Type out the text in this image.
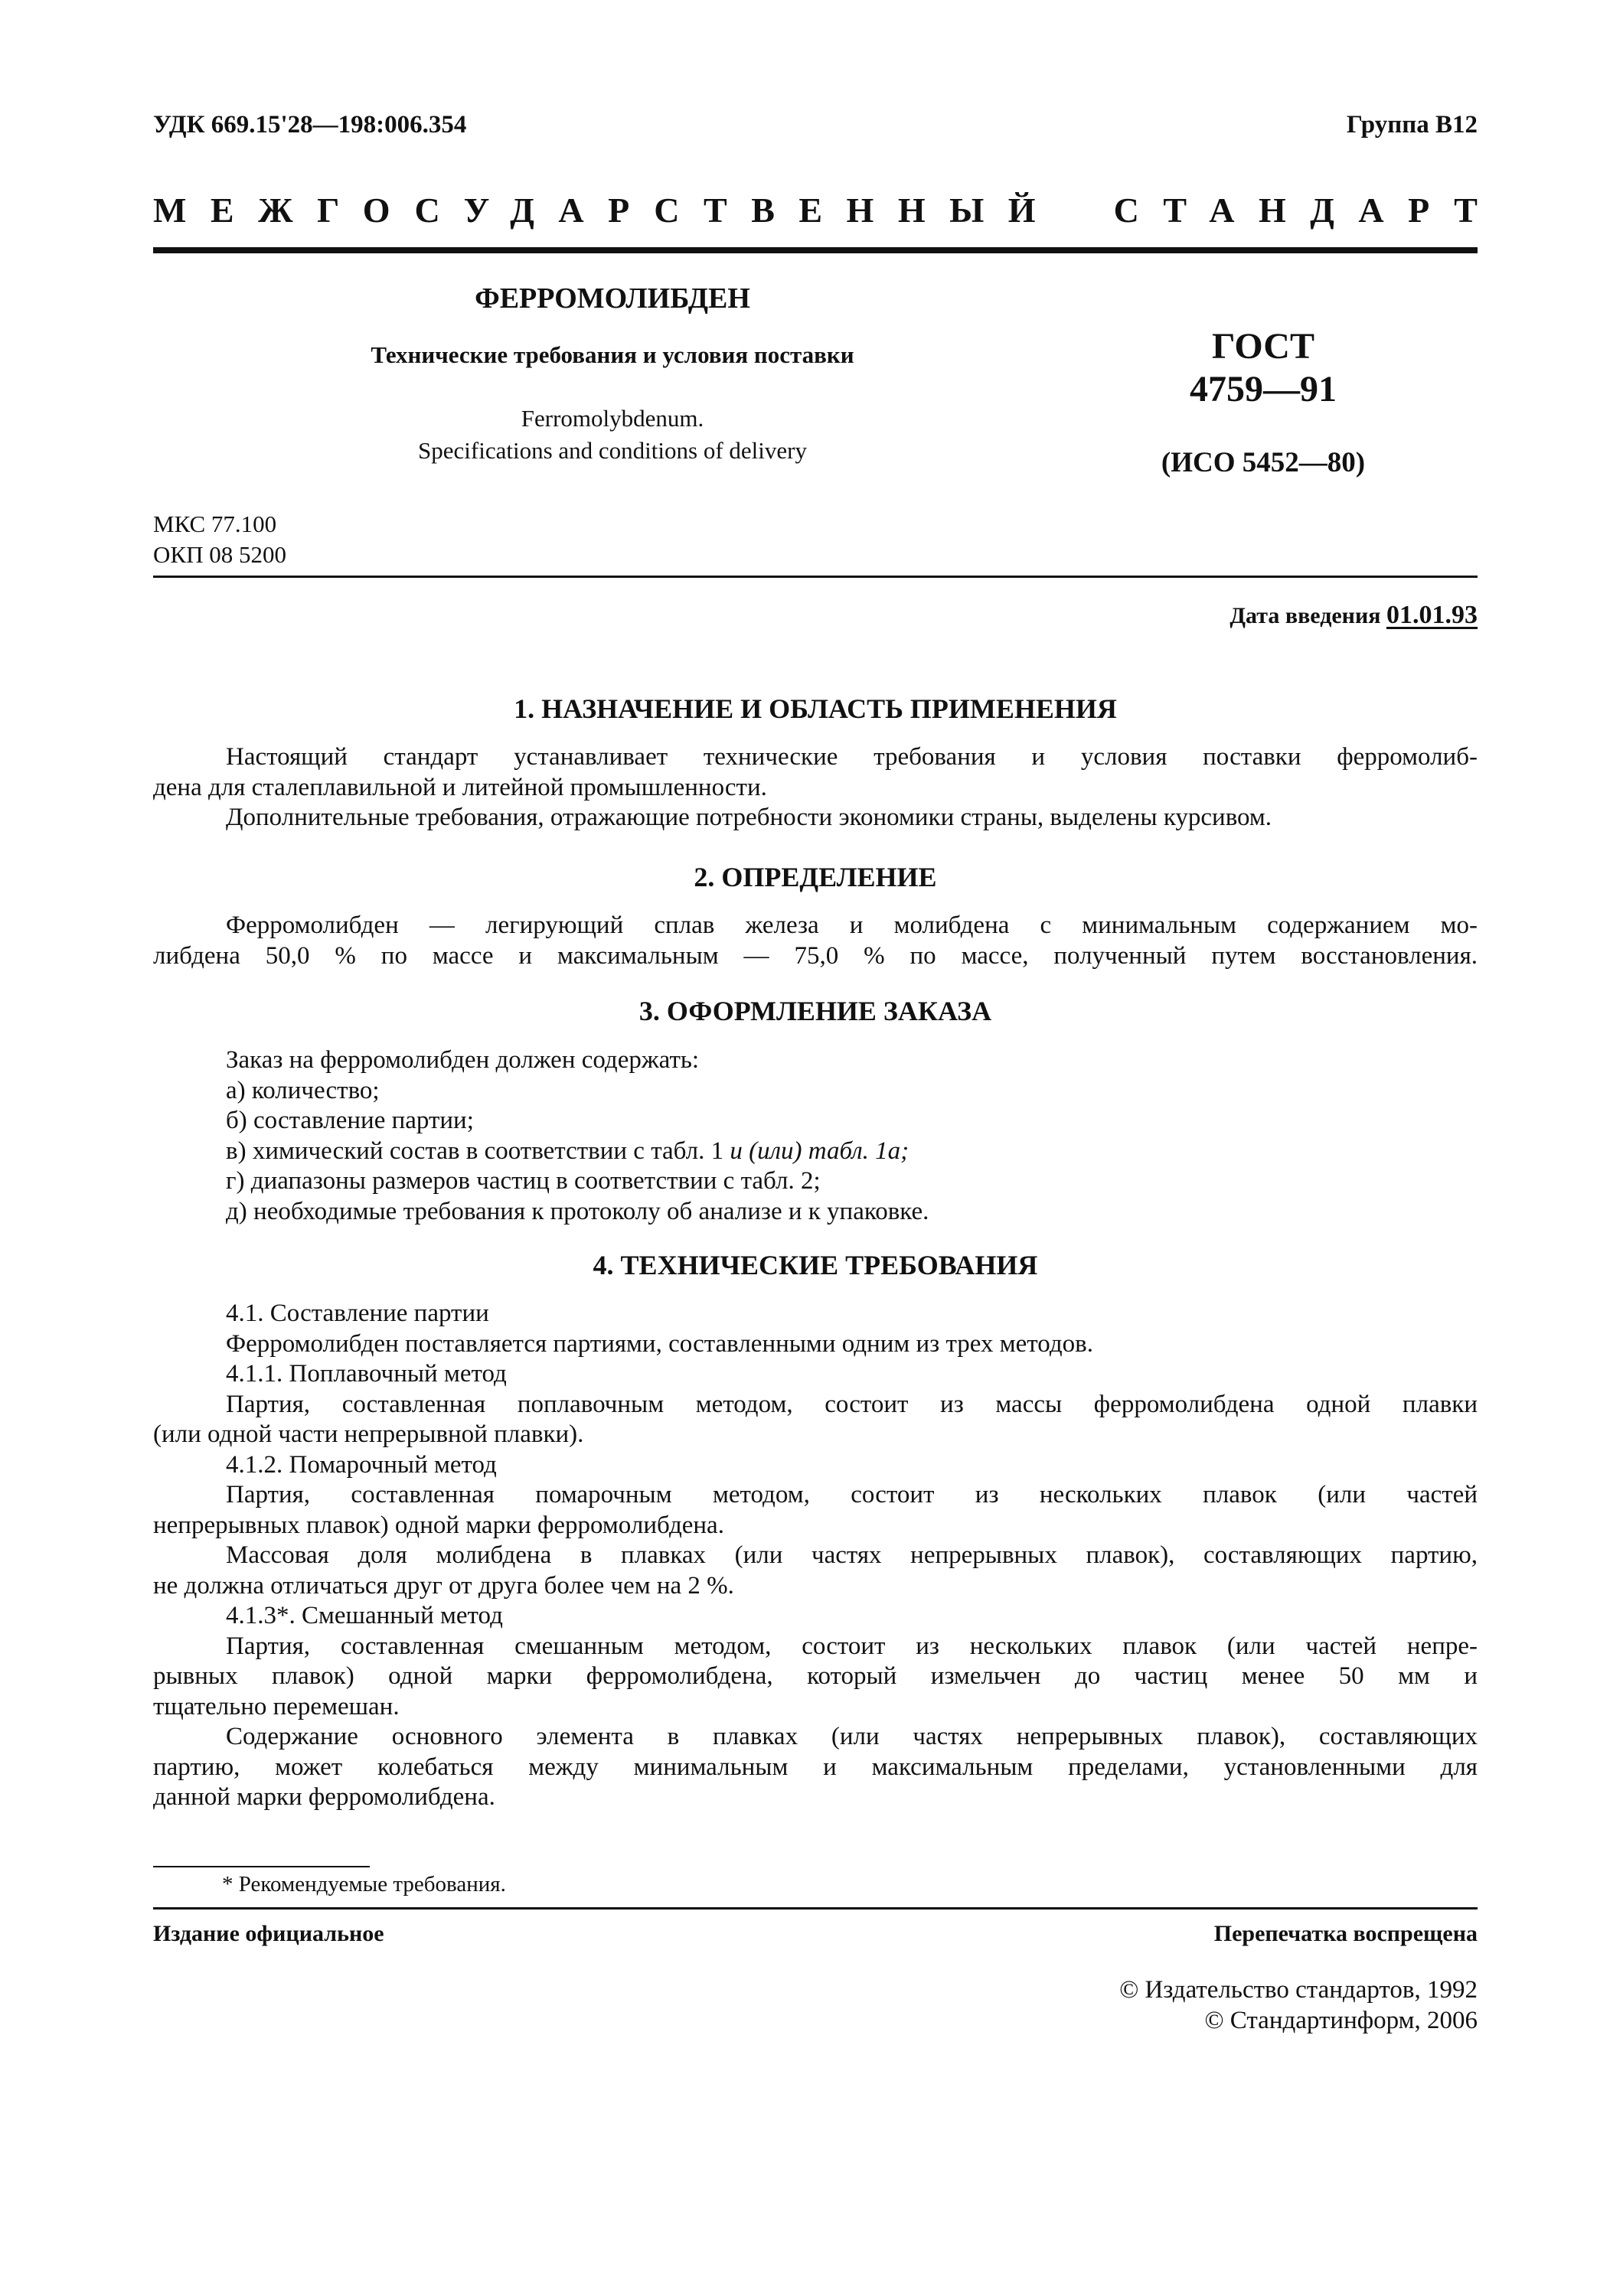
УДК 669.15'28—198:006.354	Группа В12
МЕЖГОСУДАРСТВЕННЫЙ СТАНДАРТ
ФЕРРОМОЛИБДЕН
Технические требования и условия поставки
Ferromolybdenum.
Specifications and conditions of delivery
ГОСТ
4759—91
(ИСО 5452—80)
МКС 77.100
ОКП 08 5200
Дата введения 01.01.93
1. НАЗНАЧЕНИЕ И ОБЛАСТЬ ПРИМЕНЕНИЯ

Настоящий стандарт устанавливает технические требования и условия поставки ферромолиб-

дена для сталеплавильной и литейной промышленности.

Дополнительные требования, отражающие потребности экономики страны, выделены курсивом.

2. ОПРЕДЕЛЕНИЕ

Ферромолибден — легирующий сплав железа и молибдена с минимальным содержанием мо-

либдена 50,0 % по массе и максимальным — 75,0 % по массе, полученный путем восстановления.

3. ОФОРМЛЕНИЕ ЗАКАЗА

Заказ на ферромолибден должен содержать:

а) количество;

б) составление партии;

в) химический состав в соответствии с табл. 1 и (или) табл. 1а;

г) диапазоны размеров частиц в соответствии с табл. 2;

д) необходимые требования к протоколу об анализе и к упаковке.

4. ТЕХНИЧЕСКИЕ ТРЕБОВАНИЯ

4.1. Составление партии

Ферромолибден поставляется партиями, составленными одним из трех методов.

4.1.1. Поплавочный метод

Партия, составленная поплавочным методом, состоит из массы ферромолибдена одной плавки

(или одной части непрерывной плавки).

4.1.2. Помарочный метод

Партия, составленная помарочным методом, состоит из нескольких плавок (или частей

непрерывных плавок) одной марки ферромолибдена.

Массовая доля молибдена в плавках (или частях непрерывных плавок), составляющих партию,

не должна отличаться друг от друга более чем на 2 %.

4.1.3*. Смешанный метод

Партия, составленная смешанным методом, состоит из нескольких плавок (или частей непре-

рывных плавок) одной марки ферромолибдена, который измельчен до частиц менее 50 мм и

тщательно перемешан.

Содержание основного элемента в плавках (или частях непрерывных плавок), составляющих

партию, может колебаться между минимальным и максимальным пределами, установленными для

данной марки ферромолибдена.

* Рекомендуемые требования.
Издание официальное	Перепечатка воспрещена
© Издательство стандартов, 1992
© Стандартинформ, 2006
